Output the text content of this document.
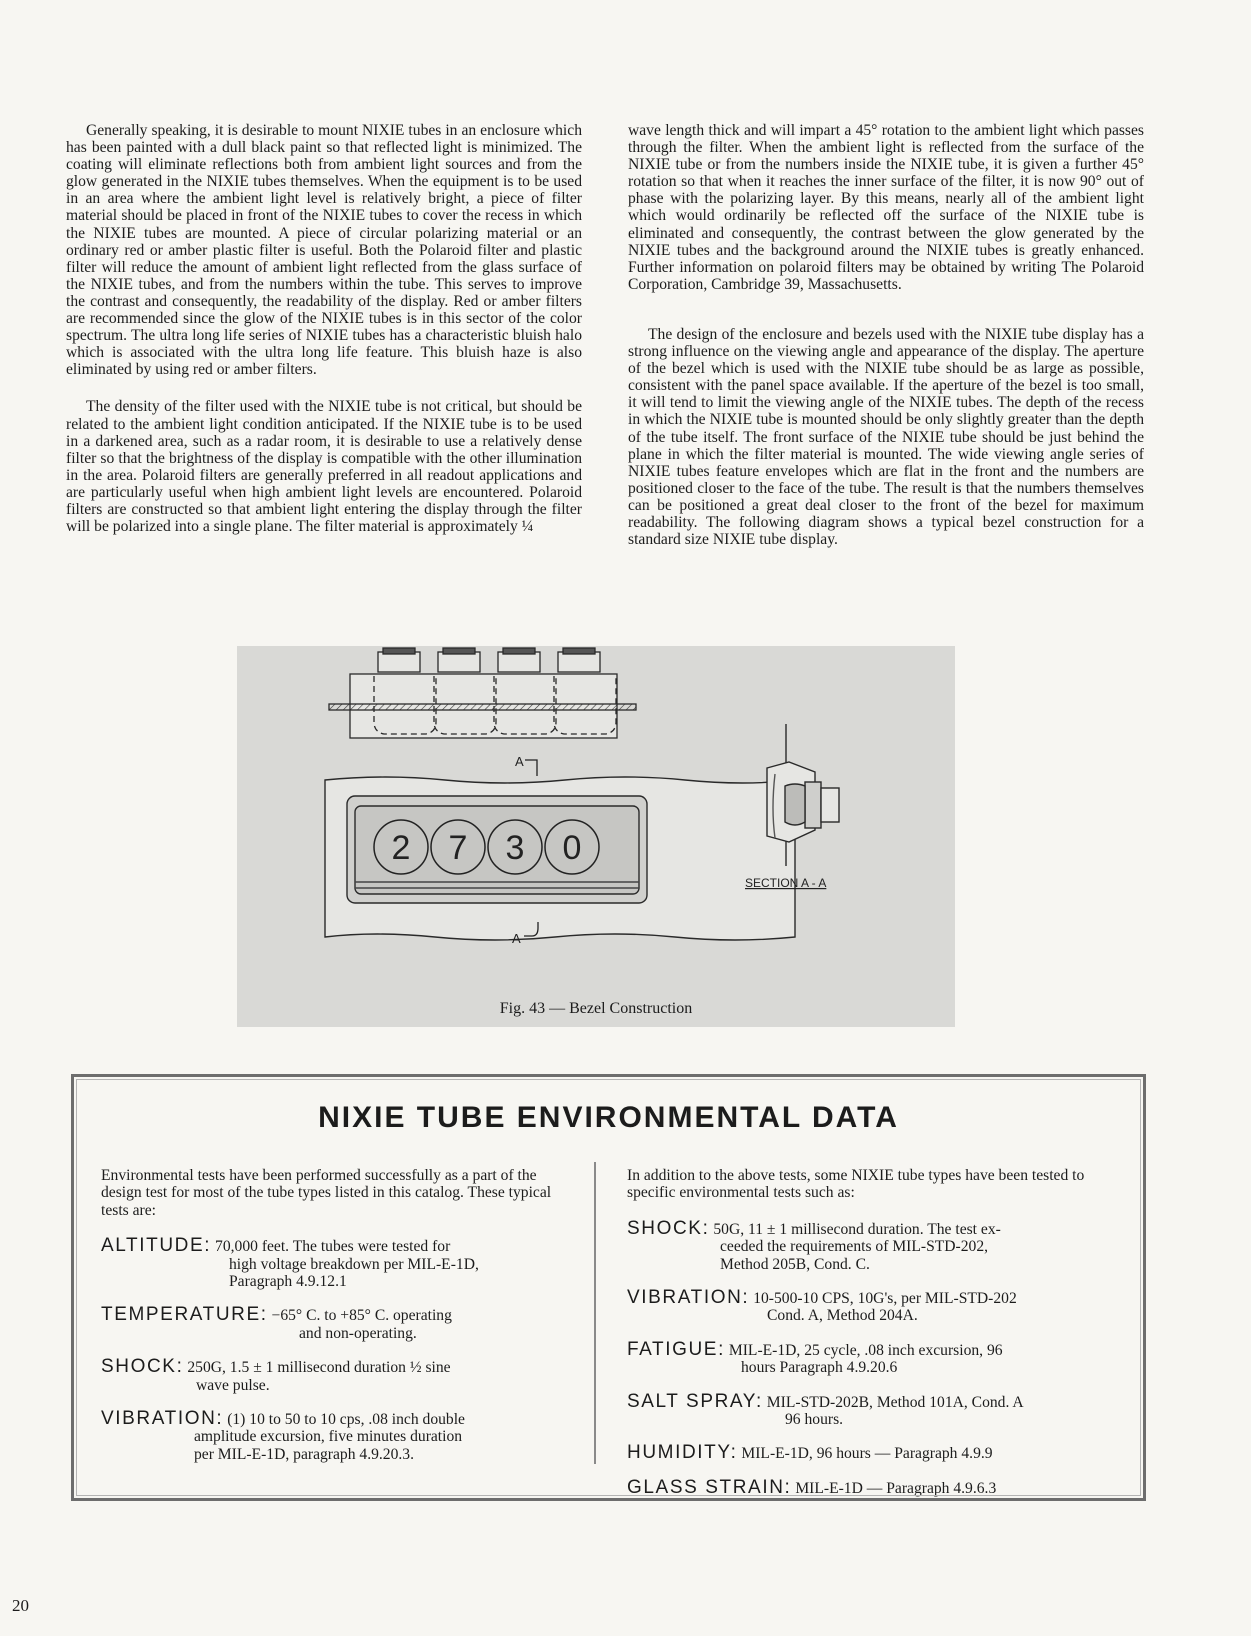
Generally speaking, it is desirable to mount NIXIE tubes in an enclosure which has been painted with a dull black paint so that reflected light is minimized. The coating will eliminate reflections both from ambient light sources and from the glow generated in the NIXIE tubes themselves. When the equipment is to be used in an area where the ambient light level is relatively bright, a piece of filter material should be placed in front of the NIXIE tubes to cover the recess in which the NIXIE tubes are mounted. A piece of circular polarizing material or an ordinary red or amber plastic filter is useful. Both the Polaroid filter and plastic filter will reduce the amount of ambient light reflected from the glass surface of the NIXIE tubes, and from the numbers within the tube. This serves to improve the contrast and consequently, the readability of the display. Red or amber filters are recommended since the glow of the NIXIE tubes is in this sector of the color spectrum. The ultra long life series of NIXIE tubes has a characteristic bluish halo which is associated with the ultra long life feature. This bluish haze is also eliminated by using red or amber filters.

The density of the filter used with the NIXIE tube is not critical, but should be related to the ambient light condition anticipated. If the NIXIE tube is to be used in a darkened area, such as a radar room, it is desirable to use a relatively dense filter so that the brightness of the display is compatible with the other illumination in the area. Polaroid filters are generally preferred in all readout applications and are particularly useful when high ambient light levels are encountered. Polaroid filters are constructed so that ambient light entering the display through the filter will be polarized into a single plane. The filter material is approximately ¼

wave length thick and will impart a 45° rotation to the ambient light which passes through the filter. When the ambient light is reflected from the surface of the NIXIE tube or from the numbers inside the NIXIE tube, it is given a further 45° rotation so that when it reaches the inner surface of the filter, it is now 90° out of phase with the polarizing layer. By this means, nearly all of the ambient light which would ordinarily be reflected off the surface of the NIXIE tube is eliminated and consequently, the contrast between the glow generated by the NIXIE tubes and the background around the NIXIE tubes is greatly enhanced. Further information on polaroid filters may be obtained by writing The Polaroid Corporation, Cambridge 39, Massachusetts.

The design of the enclosure and bezels used with the NIXIE tube display has a strong influence on the viewing angle and appearance of the display. The aperture of the bezel which is used with the NIXIE tube should be as large as possible, consistent with the panel space available. If the aperture of the bezel is too small, it will tend to limit the viewing angle of the NIXIE tubes. The depth of the recess in which the NIXIE tube is mounted should be only slightly greater than the depth of the tube itself. The front surface of the NIXIE tube should be just behind the plane in which the filter material is mounted. The wide viewing angle series of NIXIE tubes feature envelopes which are flat in the front and the numbers are positioned closer to the face of the tube. The result is that the numbers themselves can be positioned a great deal closer to the front of the bezel for maximum readability. The following diagram shows a typical bezel construction for a standard size NIXIE tube display.

A
2 7 3 0
A
SECTION A - A
Fig. 43 — Bezel Construction
NIXIE TUBE ENVIRONMENTAL DATA

Environmental tests have been performed successfully as a part of the design test for most of the tube types listed in this catalog. These typical tests are:

ALTITUDE: 70,000 feet. The tubes were tested for
high voltage breakdown per MIL-E-1D,
Paragraph 4.9.12.1
TEMPERATURE: −65° C. to +85° C. operating
and non-operating.
SHOCK: 250G, 1.5 ± 1 millisecond duration ½ sine
wave pulse.
VIBRATION: (1) 10 to 50 to 10 cps, .08 inch double
amplitude excursion, five minutes duration
per MIL-E-1D, paragraph 4.9.20.3.

In addition to the above tests, some NIXIE tube types have been tested to specific environmental tests such as:

SHOCK: 50G, 11 ± 1 millisecond duration. The test ex-
ceeded the requirements of MIL-STD-202,
Method 205B, Cond. C.
VIBRATION: 10-500-10 CPS, 10G's, per MIL-STD-202
Cond. A, Method 204A.
FATIGUE: MIL-E-1D, 25 cycle, .08 inch excursion, 96
hours Paragraph 4.9.20.6
SALT SPRAY: MIL-STD-202B, Method 101A, Cond. A
96 hours.
HUMIDITY: MIL-E-1D, 96 hours — Paragraph 4.9.9
GLASS STRAIN: MIL-E-1D — Paragraph 4.9.6.3
20
